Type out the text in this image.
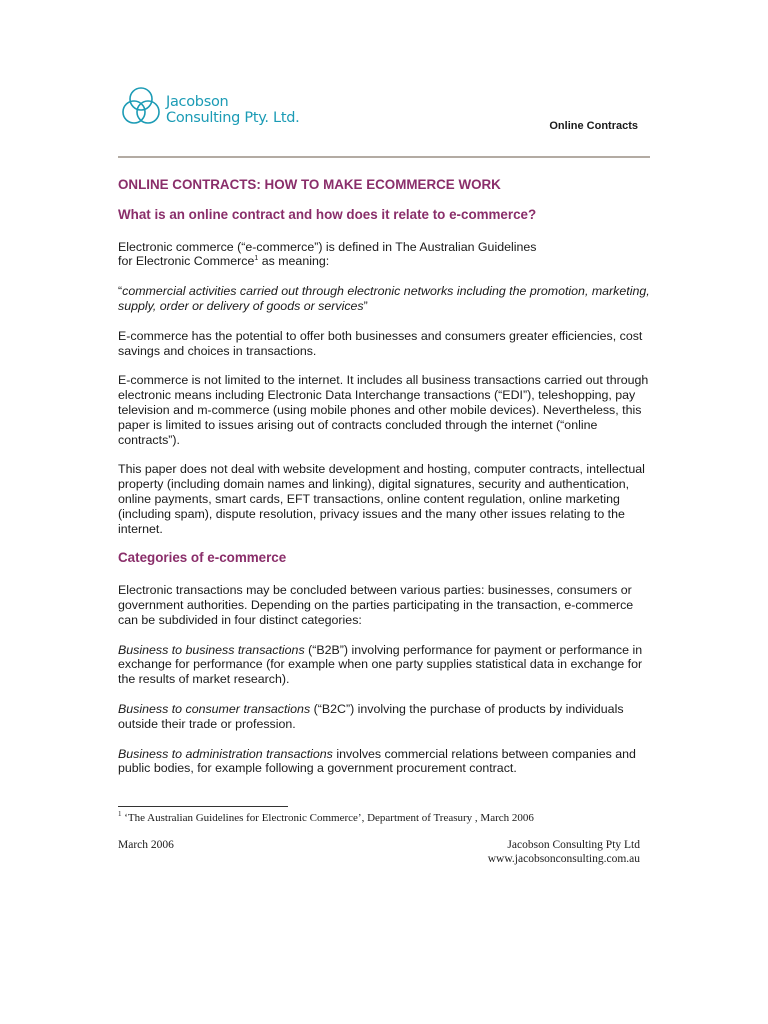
Jacobson
Consulting Pty. Ltd.	Online Contracts
ONLINE CONTRACTS: HOW TO MAKE ECOMMERCE WORK
What is an online contract and how does it relate to e-commerce?

Electronic commerce (“e-commerce”) is defined in The Australian Guidelines
for Electronic Commerce$^1$ as meaning:

“commercial activities carried out through electronic networks including the promotion, marketing, supply, order or delivery of goods or services”

E-commerce has the potential to offer both businesses and consumers greater efficiencies, cost savings and choices in transactions.

E-commerce is not limited to the internet. It includes all business transactions carried out through electronic means including Electronic Data Interchange transactions (“EDI”), teleshopping, pay television and m-commerce (using mobile phones and other mobile devices). Nevertheless, this paper is limited to issues arising out of contracts concluded through the internet (“online contracts”).

This paper does not deal with website development and hosting, computer contracts, intellectual property (including domain names and linking), digital signatures, security and authentication, online payments, smart cards, EFT transactions, online content regulation, online marketing (including spam), dispute resolution, privacy issues and the many other issues relating to the internet.

Categories of e-commerce

Electronic transactions may be concluded between various parties: businesses, consumers or government authorities. Depending on the parties participating in the transaction, e-commerce can be subdivided in four distinct categories:

Business to business transactions (“B2B”) involving performance for payment or performance in exchange for performance (for example when one party supplies statistical data in exchange for the results of market research).

Business to consumer transactions (“B2C”) involving the purchase of products by individuals outside their trade or profession.

Business to administration transactions involves commercial relations between companies and public bodies, for example following a government procurement contract.

$^1$ ‘The Australian Guidelines for Electronic Commerce’, Department of Treasury , March 2006
March 2006	Jacobson Consulting Pty Ltd
www.jacobsonconsulting.com.au
